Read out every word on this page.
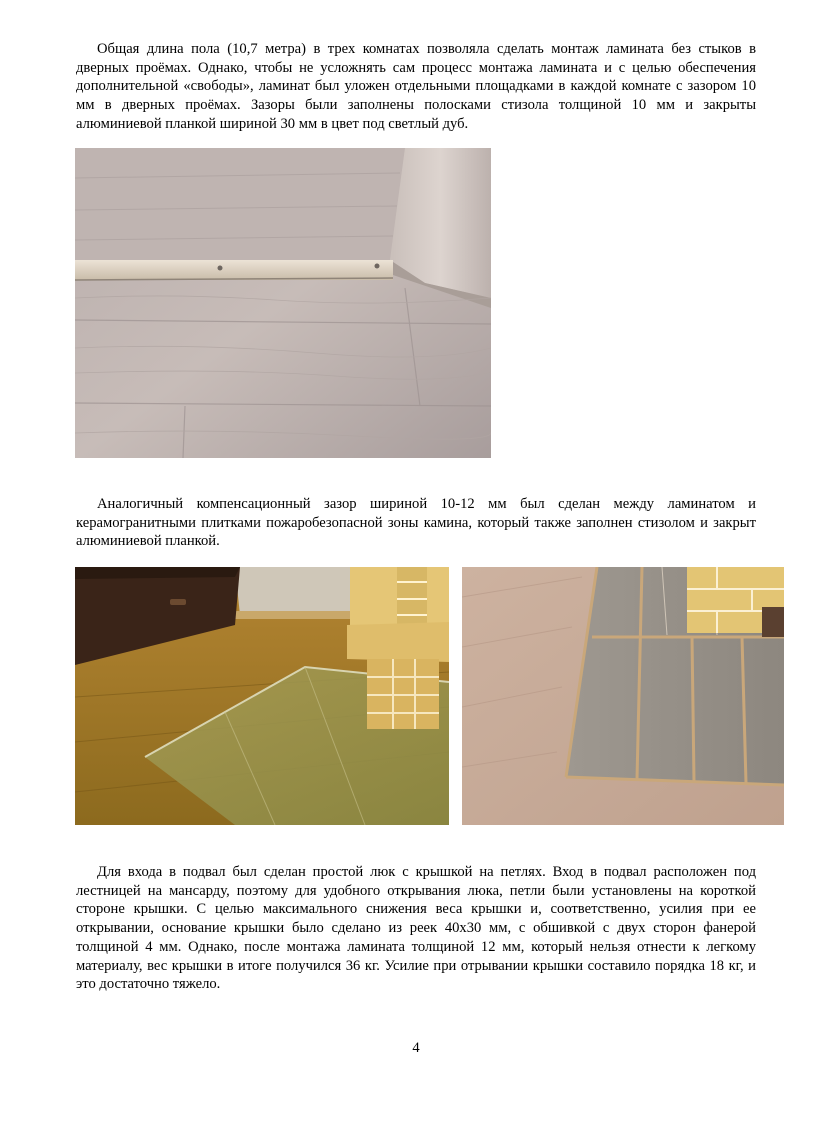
Общая длина пола (10,7 метра) в трех комнатах позволяла сделать монтаж ламината без стыков в дверных проёмах. Однако, чтобы не усложнять сам процесс монтажа ламината и с целью обеспечения дополнительной «свободы», ламинат был уложен отдельными площадками в каждой комнате с зазором 10 мм в дверных проёмах. Зазоры были заполнены полосками стизола толщиной 10 мм и закрыты алюминиевой планкой шириной 30 мм в цвет под светлый дуб.

Аналогичный компенсационный зазор шириной 10-12 мм был сделан между ламинатом и керамогранитными плитками пожаробезопасной зоны камина, который также заполнен стизолом и закрыт алюминиевой планкой.

Для входа в подвал был сделан простой люк с крышкой на петлях. Вход в подвал расположен под лестницей на мансарду, поэтому для удобного открывания люка, петли были установлены на короткой стороне крышки. С целью максимального снижения веса крышки и, соответственно, усилия при ее открывании, основание крышки было сделано из реек 40х30 мм, с обшивкой с двух сторон фанерой толщиной 4 мм. Однако, после монтажа ламината толщиной 12 мм, который нельзя отнести к легкому материалу, вес крышки в итоге получился 36 кг. Усилие при отрывании крышки составило порядка 18 кг, и это достаточно тяжело.

4
